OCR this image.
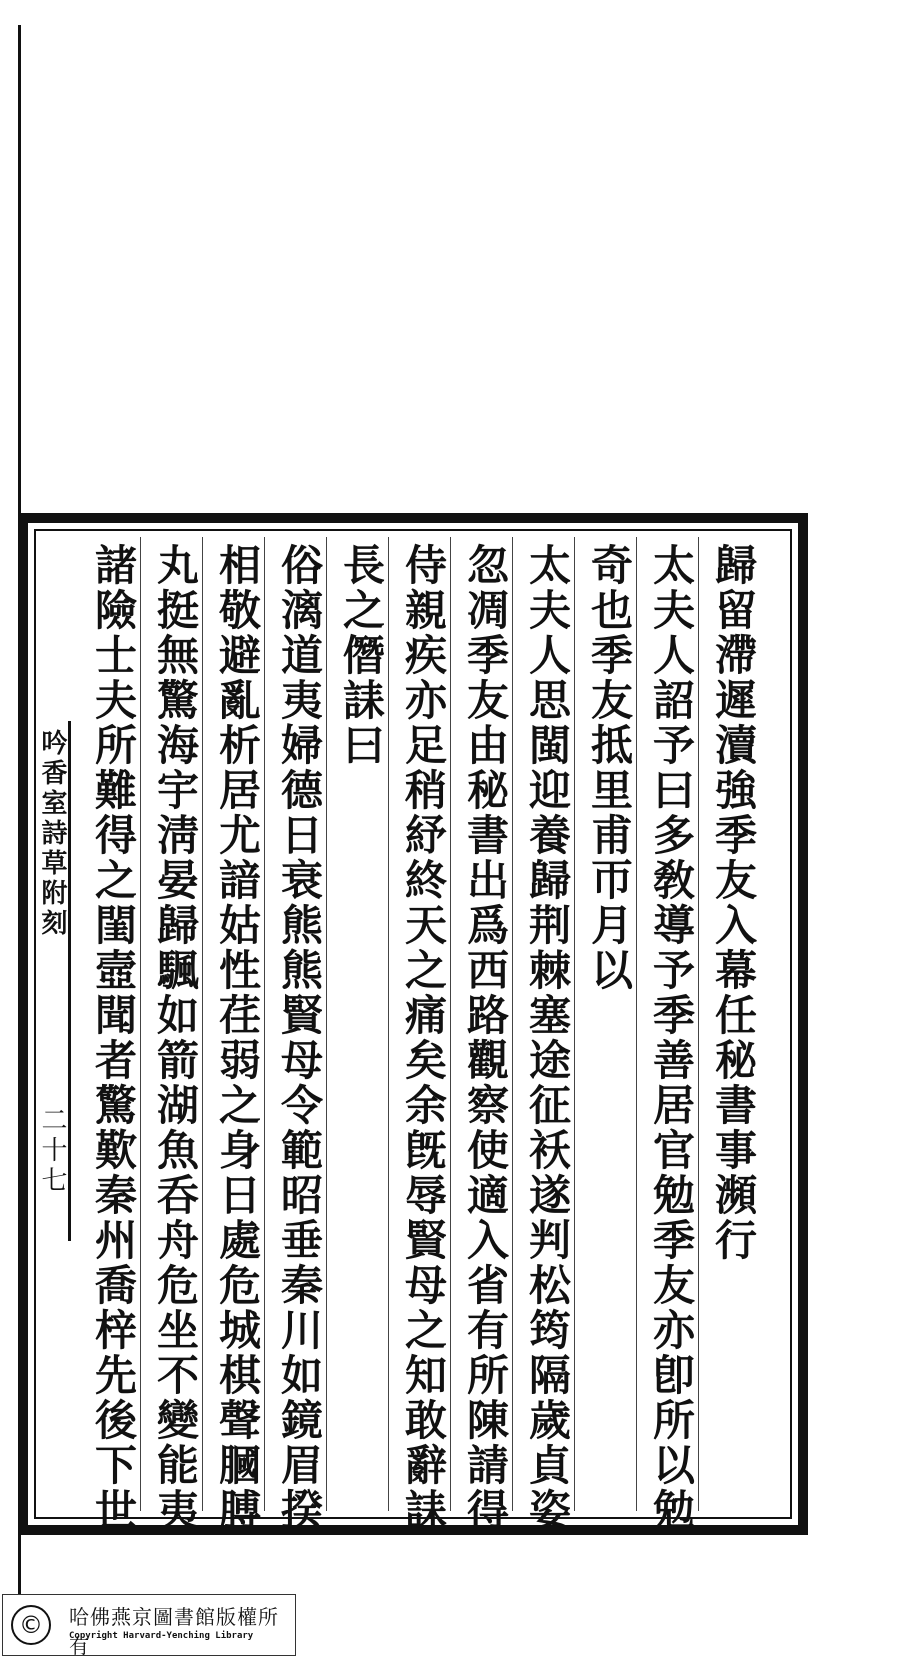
吟香室詩草附刻
二十七	歸留滯遲瀆強季友入幕任秘書事瀕行
太夫人詔予曰多敎導予季善居官勉季友亦卽所以勉
奇也季友抵里甫帀月以
太夫人思閩迎養歸荆棘塞途征袄遂判松筠隔歲貞姿
忽凋季友由秘書出爲西路觀察使適入省有所陳請得
侍親疾亦足稍紓終天之痛矣余旣辱賢母之知敢辭誄
長之僭誄曰
俗漓道夷婦德日衰熊熊賢母令範昭垂秦川如鏡眉揆
相敬避亂析居尤諳姑性荏弱之身日處危城棋聲膕膊
丸挺無驚海宇淸晏歸颿如箭湖魚呑舟危坐不變能夷
諸險士夫所難得之閨壼聞者驚歎秦州喬梓先後下世
©	哈佛燕京圖書館版權所有
Copyright Harvard-Yenching Library
